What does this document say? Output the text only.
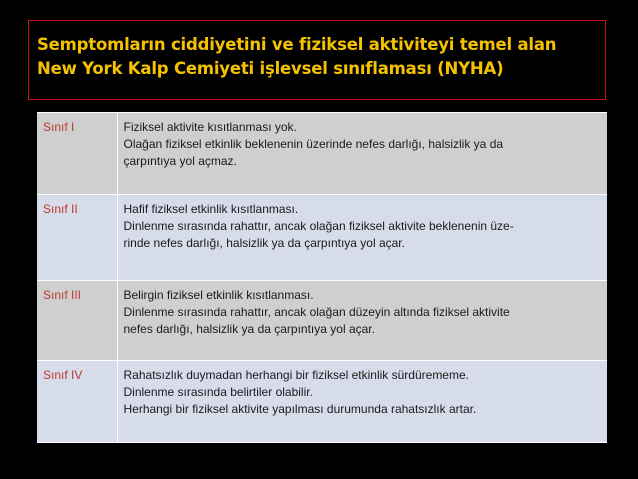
Semptomların ciddiyetini ve fiziksel aktiviteyi temel alan
New York Kalp Cemiyeti işlevsel sınıflaması (NYHA)
Sınıf I	Fiziksel aktivite kısıtlanması yok.
Olağan fiziksel etkinlik beklenenin üzerinde nefes darlığı, halsizlik ya da
çarpıntıya yol açmaz.

Sınıf II	Hafif fiziksel etkinlik kısıtlanması.
Dinlenme sırasında rahattır, ancak olağan fiziksel aktivite beklenenin üze-
rinde nefes darlığı, halsizlik ya da çarpıntıya yol açar.

Sınıf III	Belirgin fiziksel etkinlik kısıtlanması.
Dinlenme sırasında rahattır, ancak olağan düzeyin altında fiziksel aktivite
nefes darlığı, halsizlik ya da çarpıntıya yol açar.

Sınıf IV	Rahatsızlık duymadan herhangi bir fiziksel etkinlik sürdürememe.
Dinlenme sırasında belirtiler olabilir.
Herhangi bir fiziksel aktivite yapılması durumunda rahatsızlık artar.
